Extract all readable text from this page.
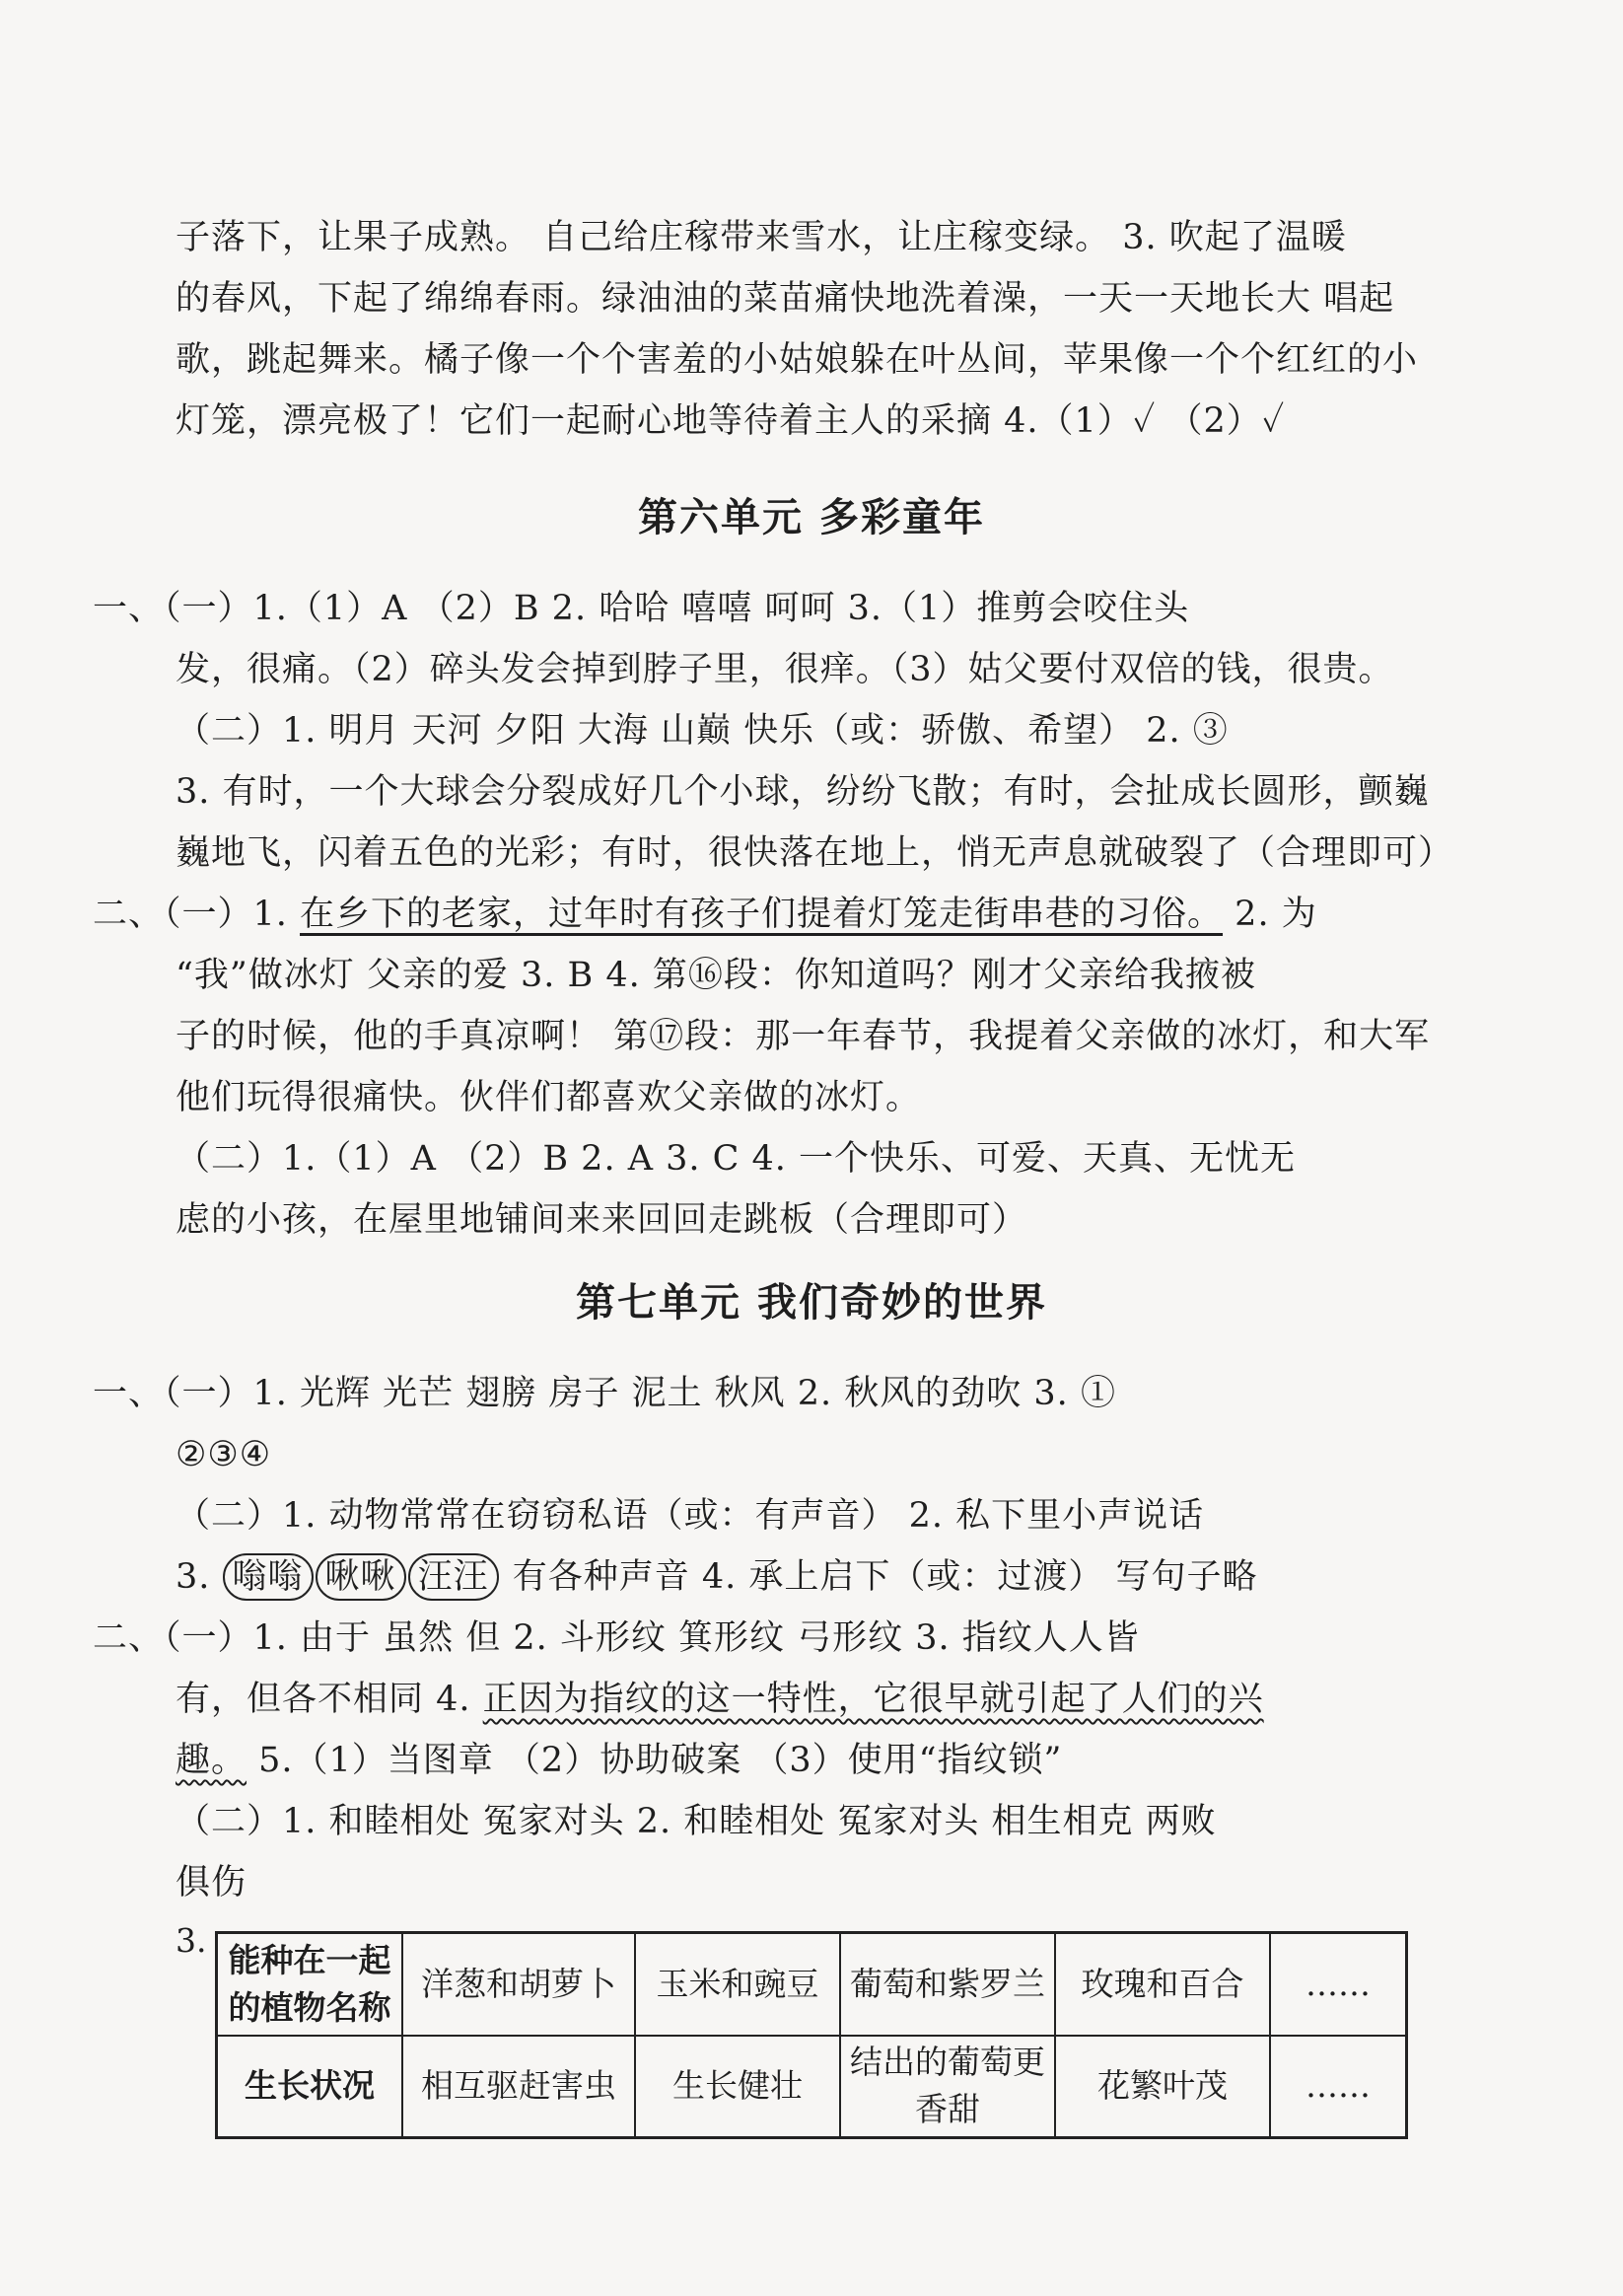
子落下，让果子成熟。 自己给庄稼带来雪水，让庄稼变绿。 3. 吹起了温暖
的春风，下起了绵绵春雨。绿油油的菜苗痛快地洗着澡，一天一天地长大 唱起
歌，跳起舞来。橘子像一个个害羞的小姑娘躲在叶丛间，苹果像一个个红红的小
灯笼，漂亮极了！它们一起耐心地等待着主人的采摘 4.（1）✓ （2）✓
第六单元 多彩童年
一、（一）1.（1）A （2）B 2. 哈哈 嘻嘻 呵呵 3.（1）推剪会咬住头
发，很痛。（2）碎头发会掉到脖子里，很痒。（3）姑父要付双倍的钱，很贵。
（二）1. 明月 天河 夕阳 大海 山巅 快乐（或：骄傲、希望） 2. ③
3. 有时，一个大球会分裂成好几个小球，纷纷飞散；有时，会扯成长圆形，颤巍
巍地飞，闪着五色的光彩；有时，很快落在地上，悄无声息就破裂了（合理即可）
二、（一）1. 在乡下的老家，过年时有孩子们提着灯笼走街串巷的习俗。 2. 为
“我”做冰灯 父亲的爱 3. B 4. 第⑯段：你知道吗？刚才父亲给我掖被
子的时候，他的手真凉啊！ 第⑰段：那一年春节，我提着父亲做的冰灯，和大军
他们玩得很痛快。伙伴们都喜欢父亲做的冰灯。
（二）1.（1）A （2）B 2. A 3. C 4. 一个快乐、可爱、天真、无忧无
虑的小孩，在屋里地铺间来来回回走跳板（合理即可）
第七单元 我们奇妙的世界
一、（一）1. 光辉 光芒 翅膀 房子 泥土 秋风 2. 秋风的劲吹 3. ①
②③④
（二）1. 动物常常在窃窃私语（或：有声音） 2. 私下里小声说话
3. 嗡嗡 啾啾 汪汪 有各种声音 4. 承上启下（或：过渡） 写句子略
二、（一）1. 由于 虽然 但 2. 斗形纹 箕形纹 弓形纹 3. 指纹人人皆
有，但各不相同 4. 正因为指纹的这一特性，它很早就引起了人们的兴
趣。 5.（1）当图章 （2）协助破案 （3）使用“指纹锁”
（二）1. 和睦相处 冤家对头 2. 和睦相处 冤家对头 相生相克 两败
俱伤
3.
能种在一起的植物名称	洋葱和胡萝卜	玉米和豌豆	葡萄和紫罗兰	玫瑰和百合	……
生长状况	相互驱赶害虫	生长健壮	结出的葡萄更香甜	花繁叶茂	……
